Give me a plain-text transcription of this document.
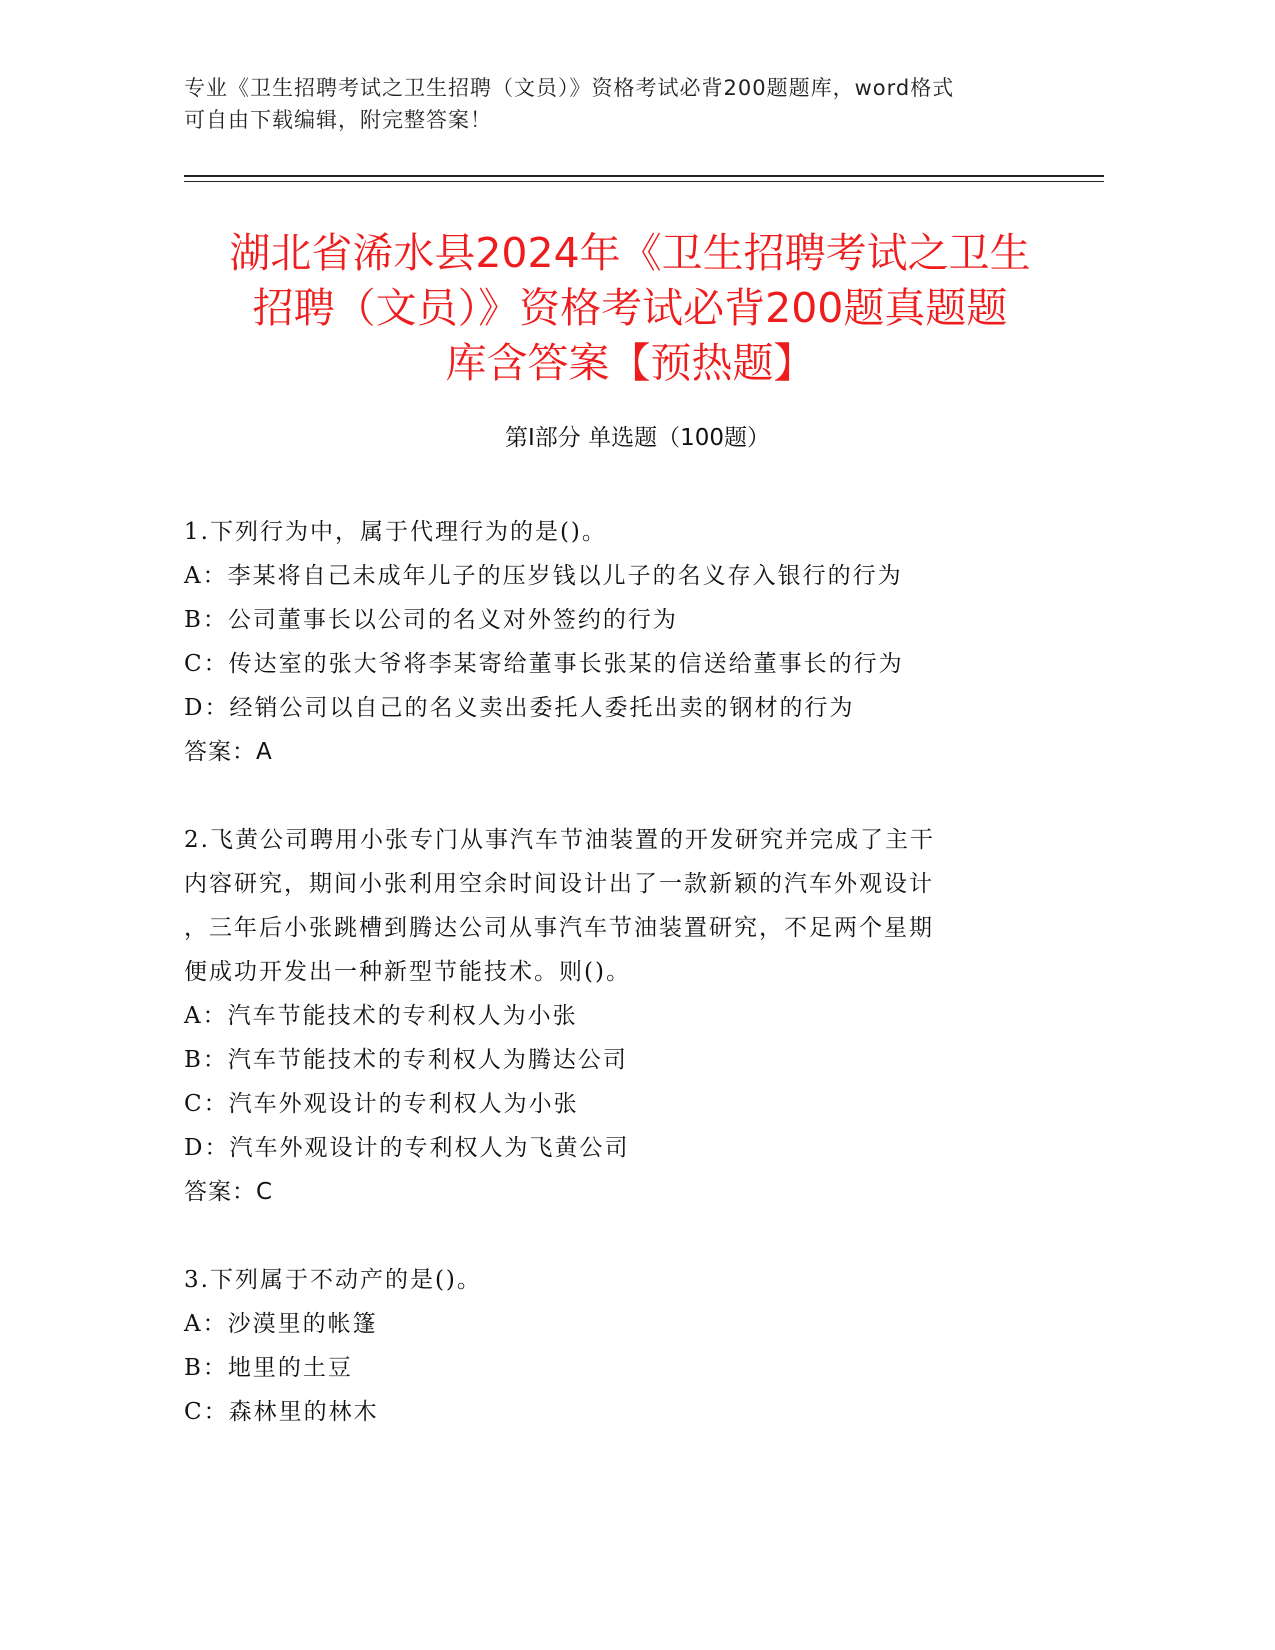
专业《卫生招聘考试之卫生招聘（文员）》资格考试必背200题题库，word格式
可自由下载编辑，附完整答案！
湖北省浠水县2024年《卫生招聘考试之卫生
招聘（文员）》资格考试必背200题真题题
库含答案【预热题】
第Ⅰ部分 单选题（100题）
1.下列行为中，属于代理行为的是()。
A：李某将自己未成年儿子的压岁钱以儿子的名义存入银行的行为
B：公司董事长以公司的名义对外签约的行为
C：传达室的张大爷将李某寄给董事长张某的信送给董事长的行为
D：经销公司以自己的名义卖出委托人委托出卖的钢材的行为
答案：A
2.飞黄公司聘用小张专门从事汽车节油装置的开发研究并完成了主干
内容研究，期间小张利用空余时间设计出了一款新颖的汽车外观设计
，三年后小张跳槽到腾达公司从事汽车节油装置研究，不足两个星期
便成功开发出一种新型节能技术。则()。
A：汽车节能技术的专利权人为小张
B：汽车节能技术的专利权人为腾达公司
C：汽车外观设计的专利权人为小张
D：汽车外观设计的专利权人为飞黄公司
答案：C
3.下列属于不动产的是()。
A：沙漠里的帐篷
B：地里的土豆
C：森林里的林木
